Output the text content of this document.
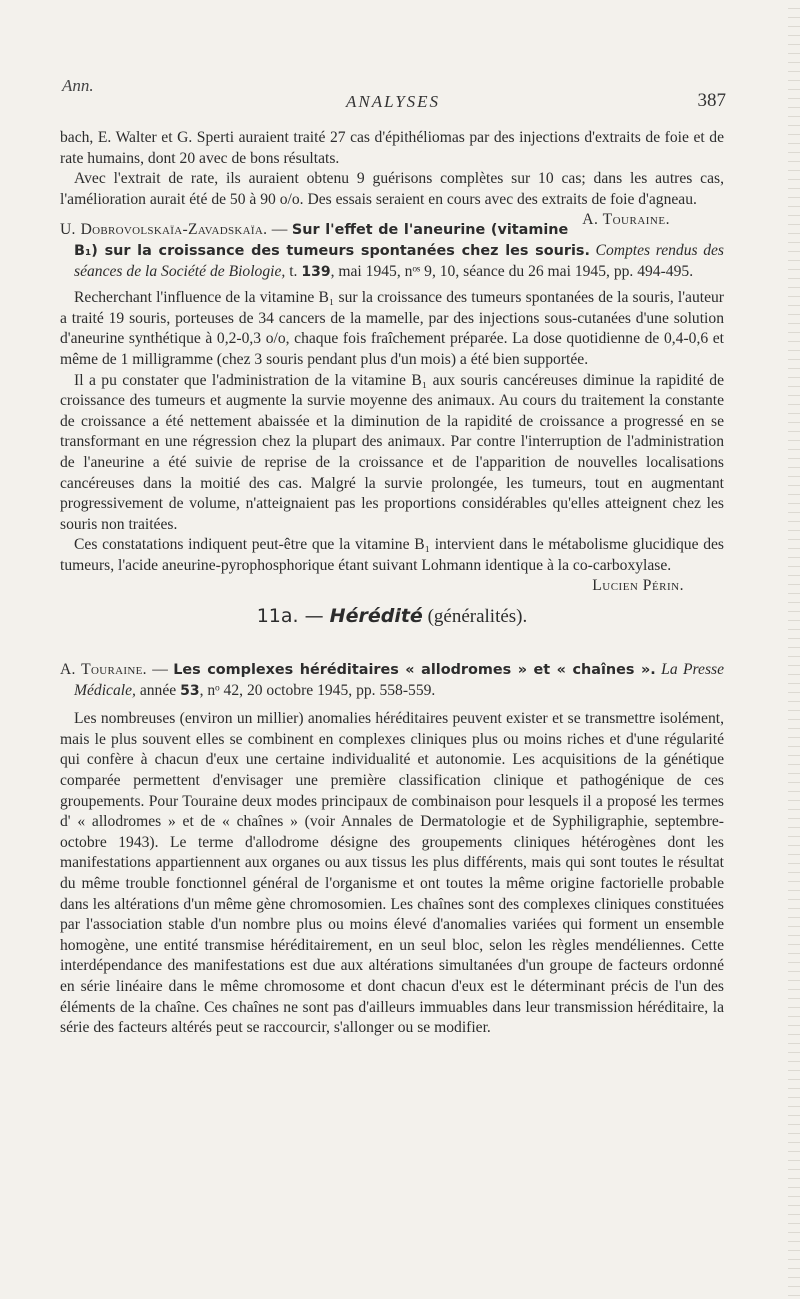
Ann.
ANALYSES	387

bach, E. Walter et G. Sperti auraient traité 27 cas d'épithéliomas par des injections d'extraits de foie et de rate humains, dont 20 avec de bons résultats.

Avec l'extrait de rate, ils auraient obtenu 9 guérisons complètes sur 10 cas; dans les autres cas, l'amélioration aurait été de 50 à 90 o/o. Des essais seraient en cours avec des extraits de foie d'agneau.
A. Touraine.

U. Dobrovolskaïa-Zavadskaïa. — Sur l'effet de l'aneurine (vitamine B₁) sur la croissance des tumeurs spontanées chez les souris. Comptes rendus des séances de la Société de Biologie, t. 139, mai 1945, nᵒˢ 9, 10, séance du 26 mai 1945, pp. 494-495.

Recherchant l'influence de la vitamine B₁ sur la croissance des tumeurs spontanées de la souris, l'auteur a traité 19 souris, porteuses de 34 cancers de la mamelle, par des injections sous-cutanées d'une solution d'aneurine synthétique à 0,2-0,3 o/o, chaque fois fraîchement préparée. La dose quotidienne de 0,4-0,6 et même de 1 milligramme (chez 3 souris pendant plus d'un mois) a été bien supportée.

Il a pu constater que l'administration de la vitamine B₁ aux souris cancéreuses diminue la rapidité de croissance des tumeurs et augmente la survie moyenne des animaux. Au cours du traitement la constante de croissance a été nettement abaissée et la diminution de la rapidité de croissance a progressé en se transformant en une régression chez la plupart des animaux. Par contre l'interruption de l'administration de l'aneurine a été suivie de reprise de la croissance et de l'apparition de nouvelles localisations cancéreuses dans la moitié des cas. Malgré la survie prolongée, les tumeurs, tout en augmentant progressivement de volume, n'atteignaient pas les proportions considérables qu'elles atteignent chez les souris non traitées.

Ces constatations indiquent peut-être que la vitamine B₁ intervient dans le métabolisme glucidique des tumeurs, l'acide aneurine-pyrophosphorique étant suivant Lohmann identique à la co-carboxylase.
Lucien Périn.

11a. — Hérédité (généralités).

A. Touraine. — Les complexes héréditaires « allodromes » et « chaînes ». La Presse Médicale, année 53, nᵒ 42, 20 octobre 1945, pp. 558-559.

Les nombreuses (environ un millier) anomalies héréditaires peuvent exister et se transmettre isolément, mais le plus souvent elles se combinent en complexes cliniques plus ou moins riches et d'une régularité qui confère à chacun d'eux une certaine individualité et autonomie. Les acquisitions de la génétique comparée permettent d'envisager une première classification clinique et pathogénique de ces groupements. Pour Touraine deux modes principaux de combinaison pour lesquels il a proposé les termes d' « allodromes » et de « chaînes » (voir Annales de Dermatologie et de Syphiligraphie, septembre-octobre 1943). Le terme d'allodrome désigne des groupements cliniques hétérogènes dont les manifestations appartiennent aux organes ou aux tissus les plus différents, mais qui sont toutes le résultat du même trouble fonctionnel général de l'organisme et ont toutes la même origine factorielle probable dans les altérations d'un même gène chromosomien. Les chaînes sont des complexes cliniques constituées par l'association stable d'un nombre plus ou moins élevé d'anomalies variées qui forment un ensemble homogène, une entité transmise héréditairement, en un seul bloc, selon les règles mendéliennes. Cette interdépendance des manifestations est due aux altérations simultanées d'un groupe de facteurs ordonné en série linéaire dans le même chromosome et dont chacun d'eux est le déterminant précis de l'un des éléments de la chaîne. Ces chaînes ne sont pas d'ailleurs immuables dans leur transmission héréditaire, la série des facteurs altérés peut se raccourcir, s'allonger ou se modifier.
